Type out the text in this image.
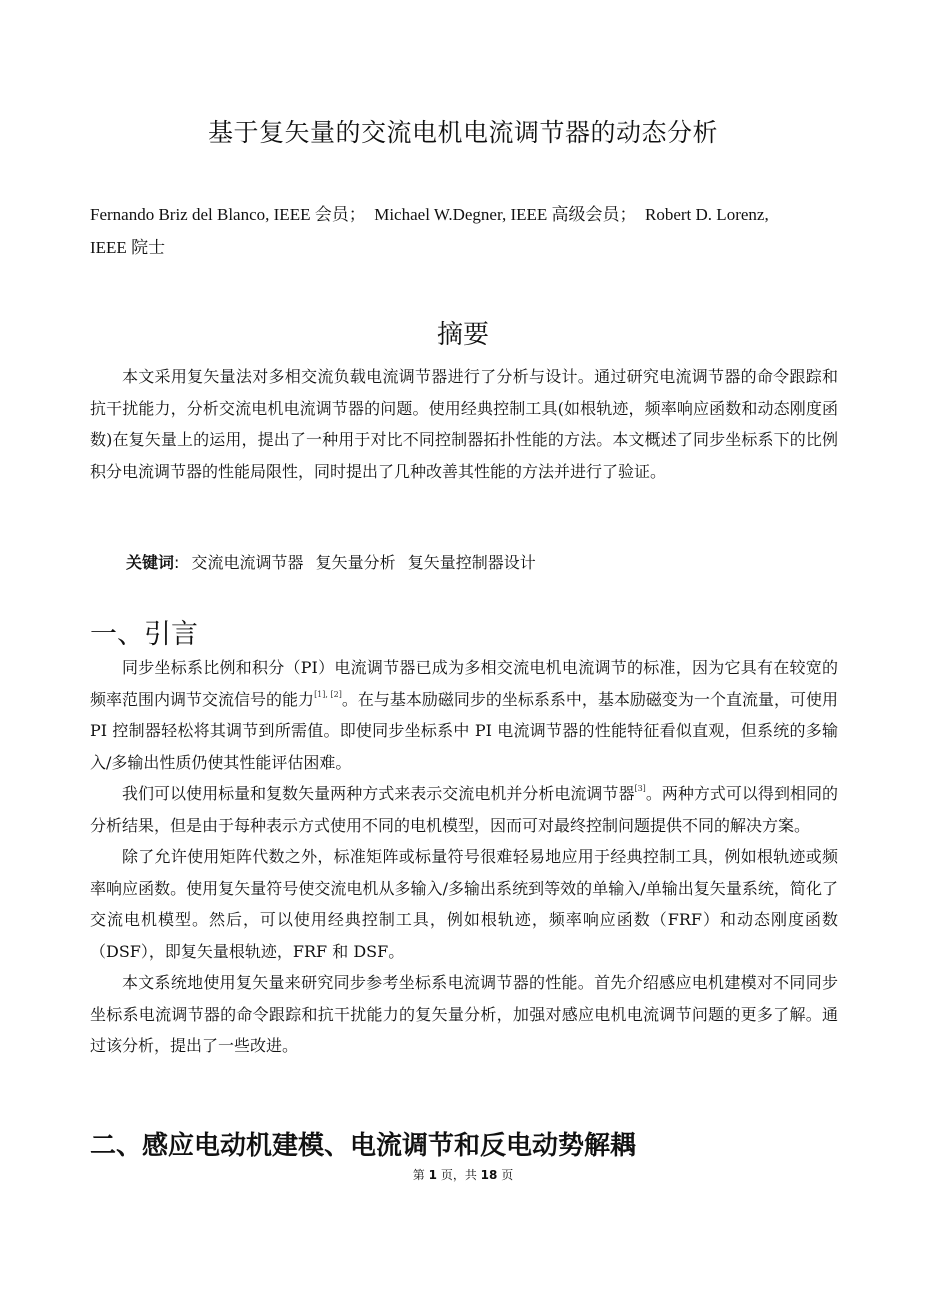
基于复矢量的交流电机电流调节器的动态分析
Fernando Briz del Blanco, IEEE 会员； Michael W.Degner, IEEE 高级会员； Robert D. Lorenz,
IEEE 院士
摘要

本文采用复矢量法对多相交流负载电流调节器进行了分析与设计。通过研究电流调节器的命令跟踪和抗干扰能力，分析交流电机电流调节器的问题。使用经典控制工具(如根轨迹，频率响应函数和动态刚度函数)在复矢量上的运用，提出了一种用于对比不同控制器拓扑性能的方法。本文概述了同步坐标系下的比例积分电流调节器的性能局限性，同时提出了几种改善其性能的方法并进行了验证。

关键词: 交流电流调节器 复矢量分析 复矢量控制器设计
一、引言

同步坐标系比例和积分（PI）电流调节器已成为多相交流电机电流调节的标准，因为它具有在较宽的频率范围内调节交流信号的能力[1], [2]。在与基本励磁同步的坐标系系中，基本励磁变为一个直流量，可使用 PI 控制器轻松将其调节到所需值。即使同步坐标系中 PI 电流调节器的性能特征看似直观，但系统的多输入/多输出性质仍使其性能评估困难。

我们可以使用标量和复数矢量两种方式来表示交流电机并分析电流调节器[3]。两种方式可以得到相同的分析结果，但是由于每种表示方式使用不同的电机模型，因而可对最终控制问题提供不同的解决方案。

除了允许使用矩阵代数之外，标准矩阵或标量符号很难轻易地应用于经典控制工具，例如根轨迹或频率响应函数。使用复矢量符号使交流电机从多输入/多输出系统到等效的单输入/单输出复矢量系统，简化了交流电机模型。然后，可以使用经典控制工具，例如根轨迹，频率响应函数（FRF）和动态刚度函数（DSF），即复矢量根轨迹，FRF 和 DSF。

本文系统地使用复矢量来研究同步参考坐标系电流调节器的性能。首先介绍感应电机建模对不同同步坐标系电流调节器的命令跟踪和抗干扰能力的复矢量分析，加强对感应电机电流调节问题的更多了解。通过该分析，提出了一些改进。

二、感应电动机建模、电流调节和反电动势解耦
第 1 页，共 18 页
